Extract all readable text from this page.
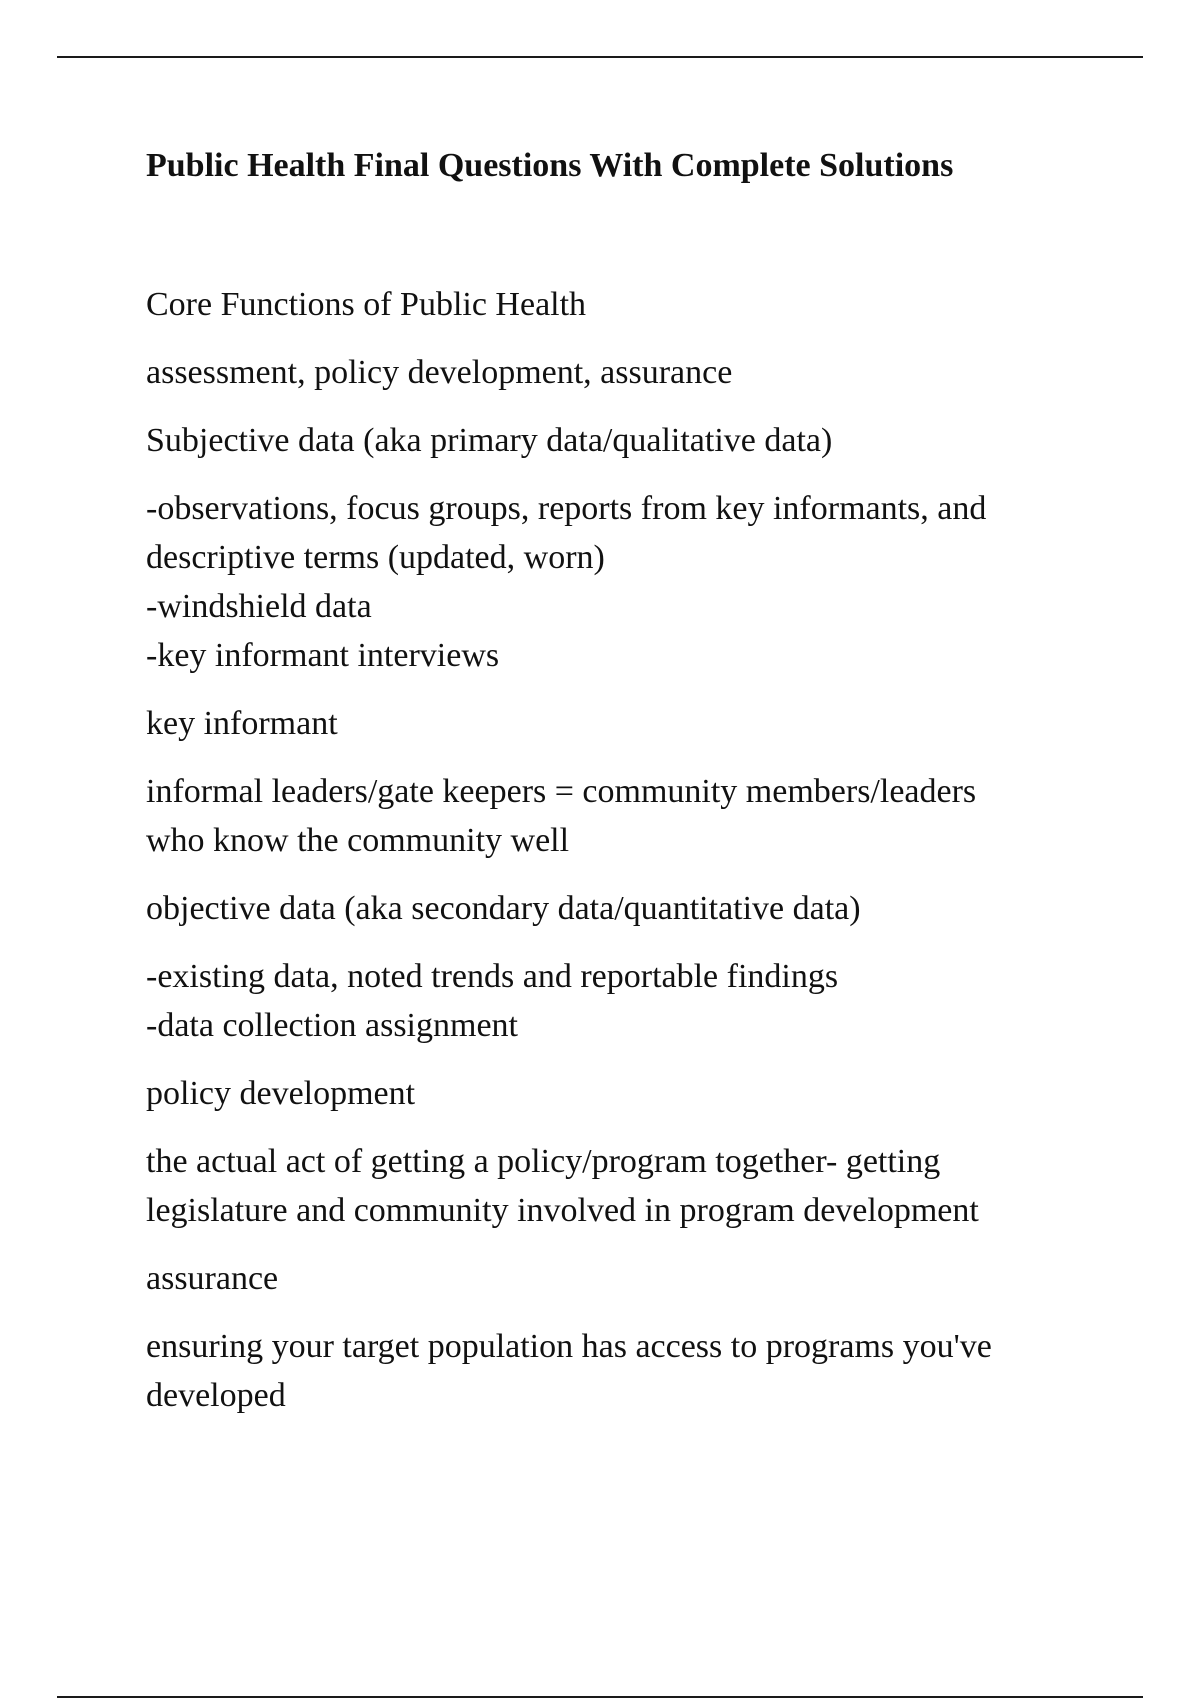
Public Health Final Questions With Complete Solutions

Core Functions of Public Health

assessment, policy development, assurance

Subjective data (aka primary data/qualitative data)

-observations, focus groups, reports from key informants, and
descriptive terms (updated, worn)
-windshield data
-key informant interviews

key informant

informal leaders/gate keepers = community members/leaders
who know the community well

objective data (aka secondary data/quantitative data)

-existing data, noted trends and reportable findings
-data collection assignment

policy development

the actual act of getting a policy/program together- getting
legislature and community involved in program development

assurance

ensuring your target population has access to programs you've
developed
